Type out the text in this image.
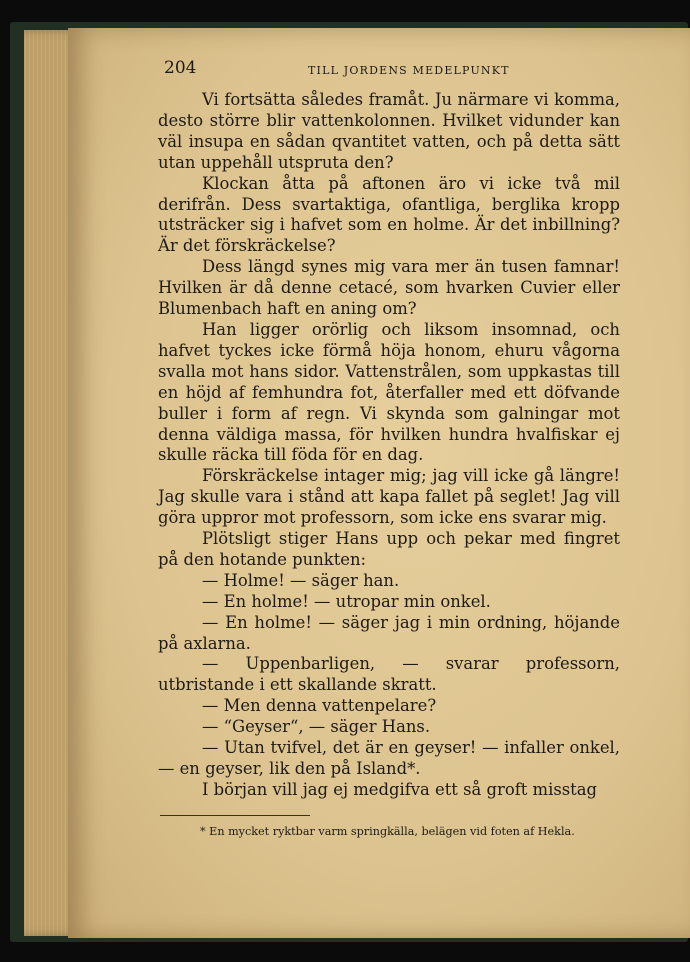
204	TILL JORDENS MEDELPUNKT

Vi fortsätta således framåt. Ju närmare vi komma, desto större blir vattenkolonnen. Hvilket vidunder kan väl insupa en sådan qvantitet vatten, och på detta sätt utan uppehåll utspruta den?

Klockan åtta på aftonen äro vi icke två mil derifrån. Dess svartaktiga, ofantliga, berglika kropp utsträcker sig i hafvet som en holme. Är det inbillning? Är det förskräckelse?

Dess längd synes mig vara mer än tusen famnar! Hvilken är då denne cetacé, som hvarken Cuvier eller Blumenbach haft en aning om?

Han ligger orörlig och liksom insomnad, och hafvet tyckes icke förmå höja honom, ehuru vågorna svalla mot hans sidor. Vattenstrålen, som uppkastas till en höjd af femhundra fot, återfaller med ett döfvande buller i form af regn. Vi skynda som galningar mot denna väldiga massa, för hvilken hundra hvalfiskar ej skulle räcka till föda för en dag.

Förskräckelse intager mig; jag vill icke gå längre! Jag skulle vara i stånd att kapa fallet på seglet! Jag vill göra uppror mot professorn, som icke ens svarar mig.

Plötsligt stiger Hans upp och pekar med fingret på den hotande punkten:

— Holme! — säger han.

— En holme! — utropar min onkel.

— En holme! — säger jag i min ordning, höjande på axlarna.

— Uppenbarligen, — svarar professorn, utbristande i ett skallande skratt.

— Men denna vattenpelare?

— “Geyser“, — säger Hans.

— Utan tvifvel, det är en geyser! — infaller onkel, — en geyser, lik den på Island*.

I början vill jag ej medgifva ett så groft misstag

* En mycket ryktbar varm springkälla, belägen vid foten af Hekla.
